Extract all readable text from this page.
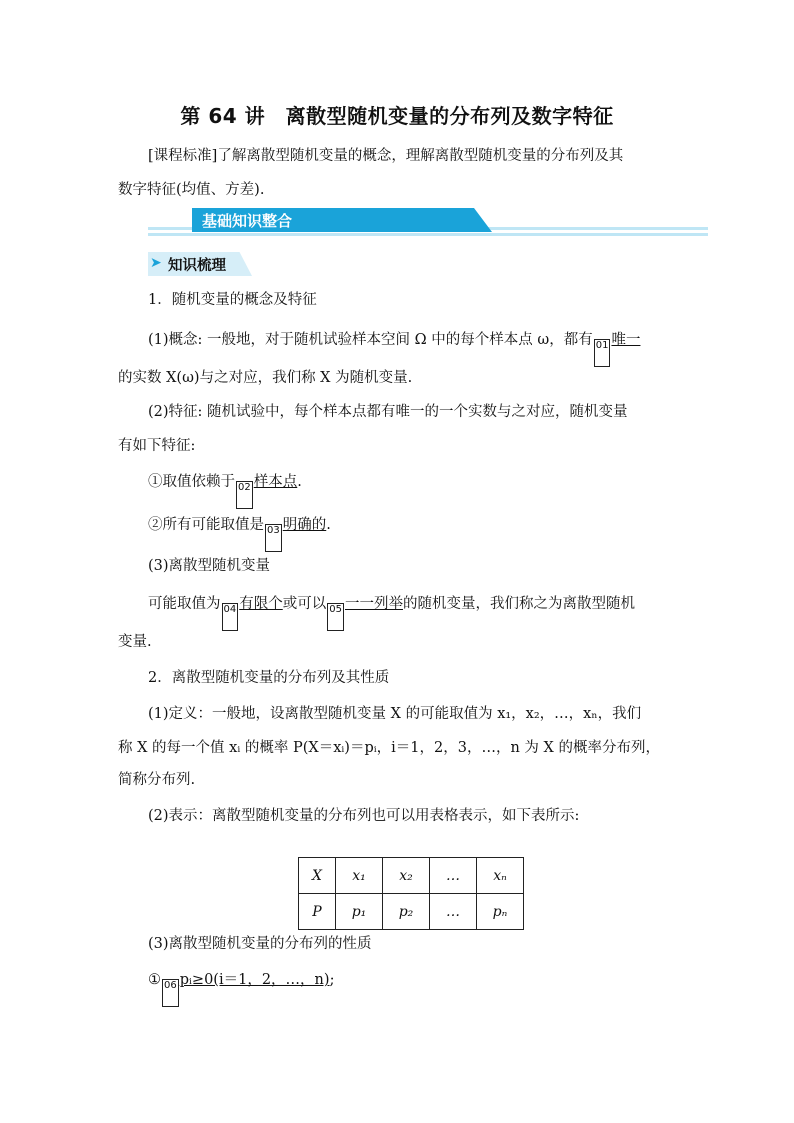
第 64 讲　离散型随机变量的分布列及数字特征
[课程标准]了解离散型随机变量的概念，理解离散型随机变量的分布列及其
数字特征(均值、方差).
基础知识整合
➤ 知识梳理
1．随机变量的概念及特征
(1)概念: 一般地，对于随机试验样本空间 Ω 中的每个样本点 ω，都有 01 唯一
的实数 X(ω)与之对应，我们称 X 为随机变量.
(2)特征: 随机试验中，每个样本点都有唯一的一个实数与之对应，随机变量
有如下特征:
①取值依赖于 02 样本点.
②所有可能取值是 03 明确的.
(3)离散型随机变量
可能取值为 04 有限个或可以 05 一一列举的随机变量，我们称之为离散型随机
变量.
2．离散型随机变量的分布列及其性质
(1)定义：一般地，设离散型随机变量 X 的可能取值为 x₁，x₂，…，xₙ，我们
称 X 的每一个值 xᵢ 的概率 P(X＝xᵢ)＝pᵢ，i＝1，2，3，…，n 为 X 的概率分布列，
简称分布列.
(2)表示：离散型随机变量的分布列也可以用表格表示，如下表所示:
X	x₁	x₂	…	xₙ
P	p₁	p₂	…	pₙ
(3)离散型随机变量的分布列的性质
① 06 pᵢ≥0(i＝1，2，…，n);
